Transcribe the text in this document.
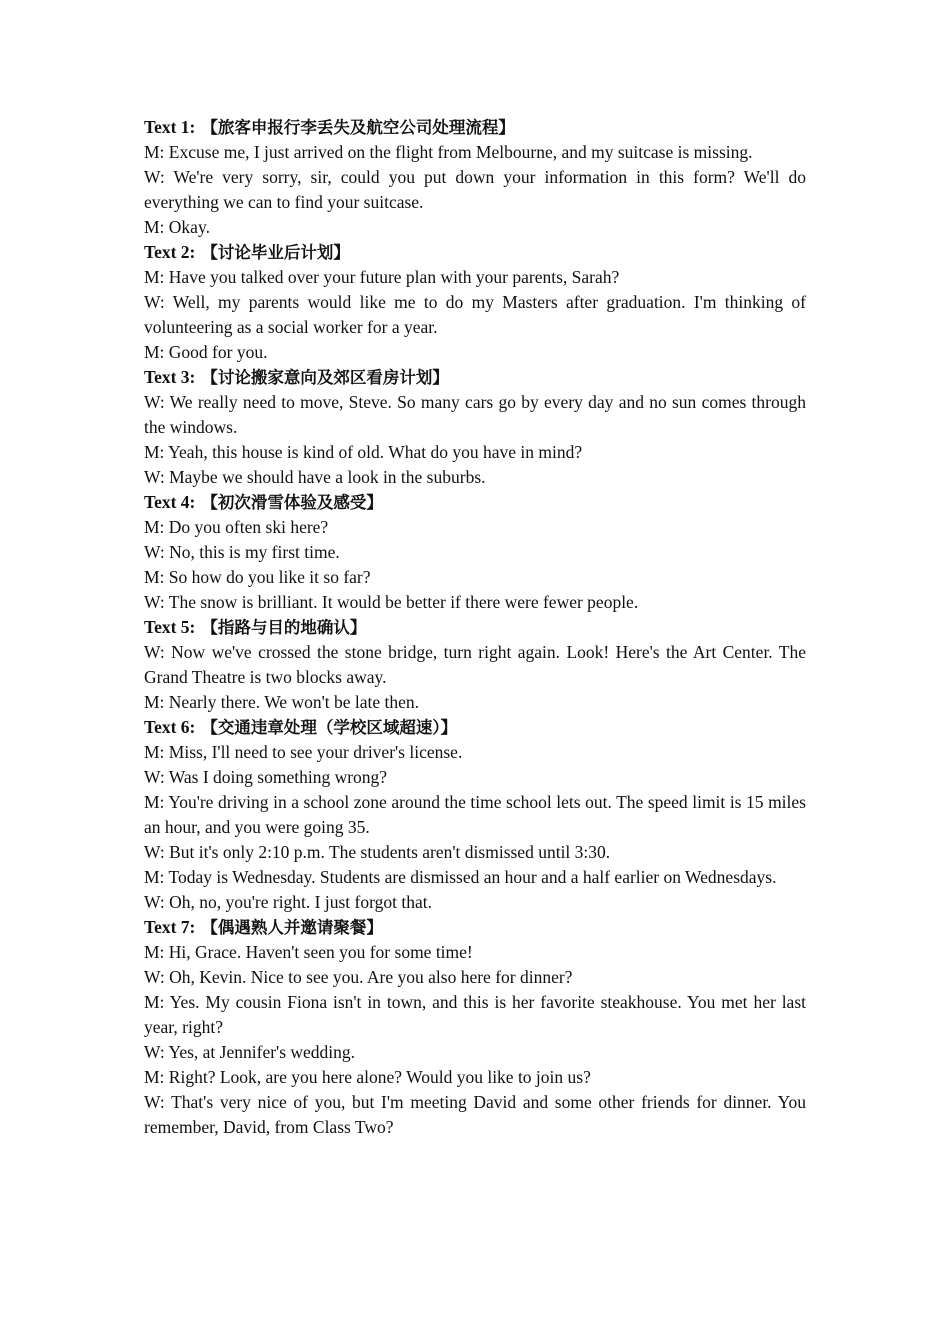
Text 1: 【旅客申报行李丢失及航空公司处理流程】

M: Excuse me, I just arrived on the flight from Melbourne, and my suitcase is missing.

W: We're very sorry, sir, could you put down your information in this form? We'll do everything we can to find your suitcase.

M: Okay.

Text 2: 【讨论毕业后计划】

M: Have you talked over your future plan with your parents, Sarah?

W: Well, my parents would like me to do my Masters after graduation. I'm thinking of volunteering as a social worker for a year.

M: Good for you.

Text 3: 【讨论搬家意向及郊区看房计划】

W: We really need to move, Steve. So many cars go by every day and no sun comes through the windows.

M: Yeah, this house is kind of old. What do you have in mind?

W: Maybe we should have a look in the suburbs.

Text 4: 【初次滑雪体验及感受】

M: Do you often ski here?

W: No, this is my first time.

M: So how do you like it so far?

W: The snow is brilliant. It would be better if there were fewer people.

Text 5: 【指路与目的地确认】

W: Now we've crossed the stone bridge, turn right again. Look! Here's the Art Center. The Grand Theatre is two blocks away.

M: Nearly there. We won't be late then.

Text 6: 【交通违章处理（学校区域超速）】

M: Miss, I'll need to see your driver's license.

W: Was I doing something wrong?

M: You're driving in a school zone around the time school lets out. The speed limit is 15 miles an hour, and you were going 35.

W: But it's only 2:10 p.m. The students aren't dismissed until 3:30.

M: Today is Wednesday. Students are dismissed an hour and a half earlier on Wednesdays.

W: Oh, no, you're right. I just forgot that.

Text 7: 【偶遇熟人并邀请聚餐】

M: Hi, Grace. Haven't seen you for some time!

W: Oh, Kevin. Nice to see you. Are you also here for dinner?

M: Yes. My cousin Fiona isn't in town, and this is her favorite steakhouse. You met her last year, right?

W: Yes, at Jennifer's wedding.

M: Right? Look, are you here alone? Would you like to join us?

W: That's very nice of you, but I'm meeting David and some other friends for dinner. You remember, David, from Class Two?
